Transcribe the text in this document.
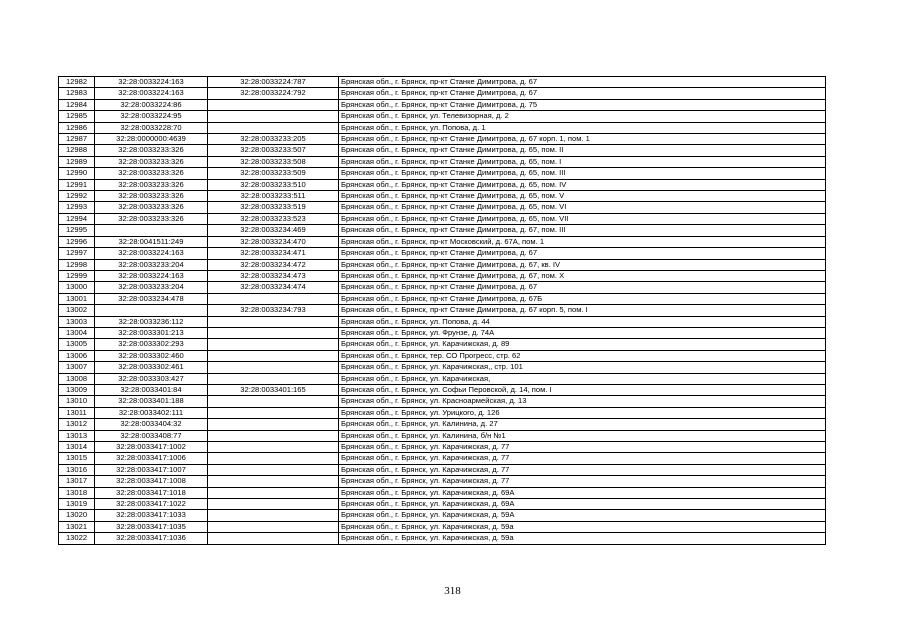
12982	32:28:0033224:163	32:28:0033224:787	Брянская обл., г. Брянск, пр-кт Станке Димитрова, д. 67
12983	32:28:0033224:163	32:28:0033224:792	Брянская обл., г. Брянск, пр-кт Станке Димитрова, д. 67
12984	32:28:0033224:86		Брянская обл., г. Брянск, пр-кт Станке Димитрова, д. 75
12985	32:28:0033224:95		Брянская обл., г. Брянск, ул. Телевизорная, д. 2
12986	32:28:0033228:70		Брянская обл., г. Брянск, ул. Попова, д. 1
12987	32:28:0000000:4639	32:28:0033233:205	Брянская обл., г. Брянск, пр-кт Станке Димитрова, д. 67 корп. 1, пом. 1
12988	32:28:0033233:326	32:28:0033233:507	Брянская обл., г. Брянск, пр-кт Станке Димитрова, д. 65, пом. II
12989	32:28:0033233:326	32:28:0033233:508	Брянская обл., г. Брянск, пр-кт Станке Димитрова, д. 65, пом. I
12990	32:28:0033233:326	32:28:0033233:509	Брянская обл., г. Брянск, пр-кт Станке Димитрова, д. 65, пом. III
12991	32:28:0033233:326	32:28:0033233:510	Брянская обл., г. Брянск, пр-кт Станке Димитрова, д. 65, пом. IV
12992	32:28:0033233:326	32:28:0033233:511	Брянская обл., г. Брянск, пр-кт Станке Димитрова, д. 65, пом. V
12993	32:28:0033233:326	32:28:0033233:519	Брянская обл., г. Брянск, пр-кт Станке Димитрова, д. 65, пом. VI
12994	32:28:0033233:326	32:28:0033233:523	Брянская обл., г. Брянск, пр-кт Станке Димитрова, д. 65, пом. VII
12995		32:28:0033234:469	Брянская обл., г. Брянск, пр-кт Станке Димитрова, д. 67, пом. III
12996	32:28:0041511:249	32:28:0033234:470	Брянская обл., г. Брянск, пр-кт Московский, д. 67А, пом. 1
12997	32:28:0033224:163	32:28:0033234:471	Брянская обл., г. Брянск, пр-кт Станке Димитрова, д. 67
12998	32:28:0033233:204	32:28:0033234:472	Брянская обл., г. Брянск, пр-кт Станке Димитрова, д. 67, кв. IV
12999	32:28:0033224:163	32:28:0033234:473	Брянская обл., г. Брянск, пр-кт Станке Димитрова, д. 67, пом. Х
13000	32:28:0033233:204	32:28:0033234:474	Брянская обл., г. Брянск, пр-кт Станке Димитрова, д. 67
13001	32:28:0033234:478		Брянская обл., г. Брянск, пр-кт Станке Димитрова, д. 67Б
13002		32:28:0033234:793	Брянская обл., г. Брянск, пр-кт Станке Димитрова, д. 67 корп. 5, пом. I
13003	32:28:0033236:112		Брянская обл., г. Брянск, ул. Попова, д. 44
13004	32:28:0033301:213		Брянская обл., г. Брянск, ул. Фрунзе, д. 74А
13005	32:28:0033302:293		Брянская обл., г. Брянск, ул. Карачижская, д. 89
13006	32:28:0033302:460		Брянская обл., г. Брянск, тер. СО Прогресс, стр. 62
13007	32:28:0033302:461		Брянская обл., г. Брянск, ул. Карачижская,, стр. 101
13008	32:28:0033303:427		Брянская обл., г. Брянск, ул. Карачижская,
13009	32:28:0033401:84	32:28:0033401:165	Брянская обл., г. Брянск, ул. Софьи Перовской, д. 14, пом. I
13010	32:28:0033401:188		Брянская обл., г. Брянск, ул. Красноармейская, д. 13
13011	32:28:0033402:111		Брянская обл., г. Брянск, ул. Урицкого, д. 126
13012	32:28:0033404:32		Брянская обл., г. Брянск, ул. Калинина, д. 27
13013	32:28:0033408:77		Брянская обл., г. Брянск, ул. Калинина, б/н №1
13014	32:28:0033417:1002		Брянская обл., г. Брянск, ул. Карачижская, д. 77
13015	32:28:0033417:1006		Брянская обл., г. Брянск, ул. Карачижская, д. 77
13016	32:28:0033417:1007		Брянская обл., г. Брянск, ул. Карачижская, д. 77
13017	32:28:0033417:1008		Брянская обл., г. Брянск, ул. Карачижская, д. 77
13018	32:28:0033417:1018		Брянская обл., г. Брянск, ул. Карачижская, д. 69А
13019	32:28:0033417:1022		Брянская обл., г. Брянск, ул. Карачижская, д. 69А
13020	32:28:0033417:1033		Брянская обл., г. Брянск, ул. Карачижская, д. 59А
13021	32:28:0033417:1035		Брянская обл., г. Брянск, ул. Карачижская, д. 59а
13022	32:28:0033417:1036		Брянская обл., г. Брянск, ул. Карачижская, д. 59а
318
